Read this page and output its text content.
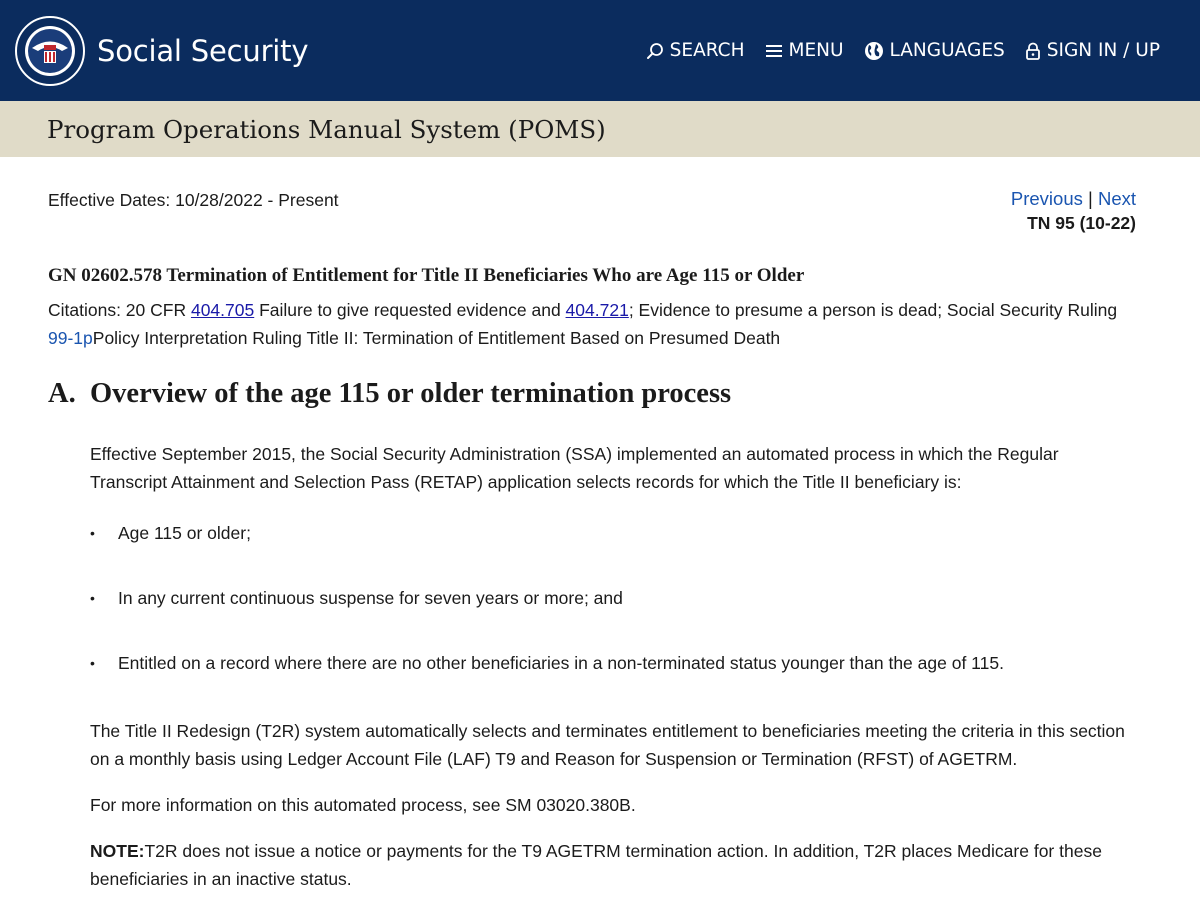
Social Security	SEARCH MENU LANGUAGES SIGN IN / UP
Program Operations Manual System (POMS)
Effective Dates: 10/28/2022 - Present	Previous | Next
TN 95 (10-22)
GN 02602.578 Termination of Entitlement for Title II Beneficiaries Who are Age 115 or Older

Citations: 20 CFR 404.705 Failure to give requested evidence and 404.721; Evidence to presume a person is dead; Social Security Ruling 99-1pPolicy Interpretation Ruling Title II: Termination of Entitlement Based on Presumed Death

A. Overview of the age 115 or older termination process

Effective September 2015, the Social Security Administration (SSA) implemented an automated process in which the Regular Transcript Attainment and Selection Pass (RETAP) application selects records for which the Title II beneficiary is:

• Age 115 or older;
• In any current continuous suspense for seven years or more; and
• Entitled on a record where there are no other beneficiaries in a non-terminated status younger than the age of 115.

The Title II Redesign (T2R) system automatically selects and terminates entitlement to beneficiaries meeting the criteria in this section on a monthly basis using Ledger Account File (LAF) T9 and Reason for Suspension or Termination (RFST) of AGETRM.

For more information on this automated process, see SM 03020.380B.

NOTE:T2R does not issue a notice or payments for the T9 AGETRM termination action. In addition, T2R places Medicare for these beneficiaries in an inactive status.
